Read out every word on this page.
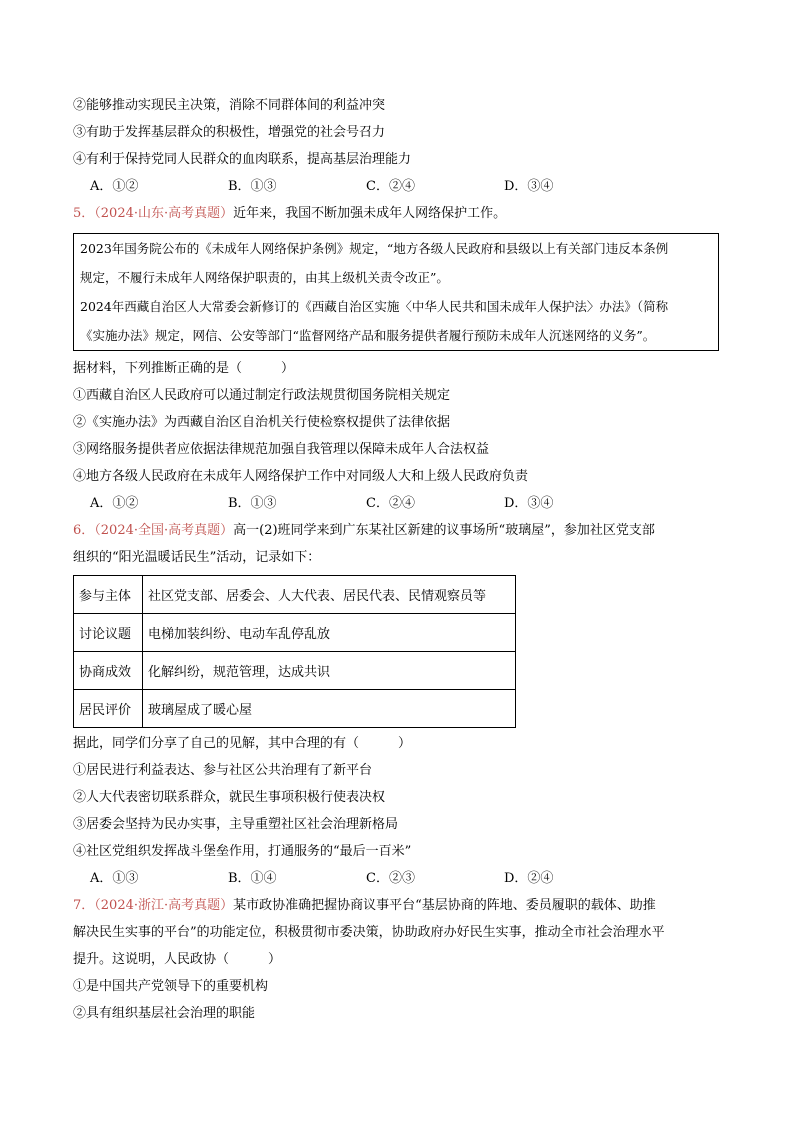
②能够推动实现民主决策，消除不同群体间的利益冲突
③有助于发挥基层群众的积极性，增强党的社会号召力
④有利于保持党同人民群众的血肉联系，提高基层治理能力
A．①②	B．①③	C．②④	D．③④
5．（2024·山东·高考真题）近年来，我国不断加强未成年人网络保护工作。
2023年国务院公布的《未成年人网络保护条例》规定，“地方各级人民政府和县级以上有关部门违反本条例
规定，不履行未成年人网络保护职责的，由其上级机关责令改正”。
2024年西藏自治区人大常委会新修订的《西藏自治区实施〈中华人民共和国未成年人保护法〉办法》（简称
《实施办法》规定，网信、公安等部门“监督网络产品和服务提供者履行预防未成年人沉迷网络的义务”。
据材料，下列推断正确的是（　　　）
①西藏自治区人民政府可以通过制定行政法规贯彻国务院相关规定
②《实施办法》为西藏自治区自治机关行使检察权提供了法律依据
③网络服务提供者应依据法律规范加强自我管理以保障未成年人合法权益
④地方各级人民政府在未成年人网络保护工作中对同级人大和上级人民政府负责
A．①②	B．①③	C．②④	D．③④
6．（2024·全国·高考真题）高一(2)班同学来到广东某社区新建的议事场所“玻璃屋”，参加社区党支部
组织的“阳光温暖话民生”活动，记录如下：
参与主体	社区党支部、居委会、人大代表、居民代表、民情观察员等
讨论议题	电梯加装纠纷、电动车乱停乱放
协商成效	化解纠纷，规范管理，达成共识
居民评价	玻璃屋成了暖心屋
据此，同学们分享了自己的见解，其中合理的有（　　　）
①居民进行利益表达、参与社区公共治理有了新平台
②人大代表密切联系群众，就民生事项积极行使表决权
③居委会坚持为民办实事，主导重塑社区社会治理新格局
④社区党组织发挥战斗堡垒作用，打通服务的“最后一百米”
A．①③	B．①④	C．②③	D．②④
7．（2024·浙江·高考真题）某市政协准确把握协商议事平台“基层协商的阵地、委员履职的载体、助推
解决民生实事的平台”的功能定位，积极贯彻市委决策，协助政府办好民生实事，推动全市社会治理水平
提升。这说明，人民政协（　　　）
①是中国共产党领导下的重要机构
②具有组织基层社会治理的职能
